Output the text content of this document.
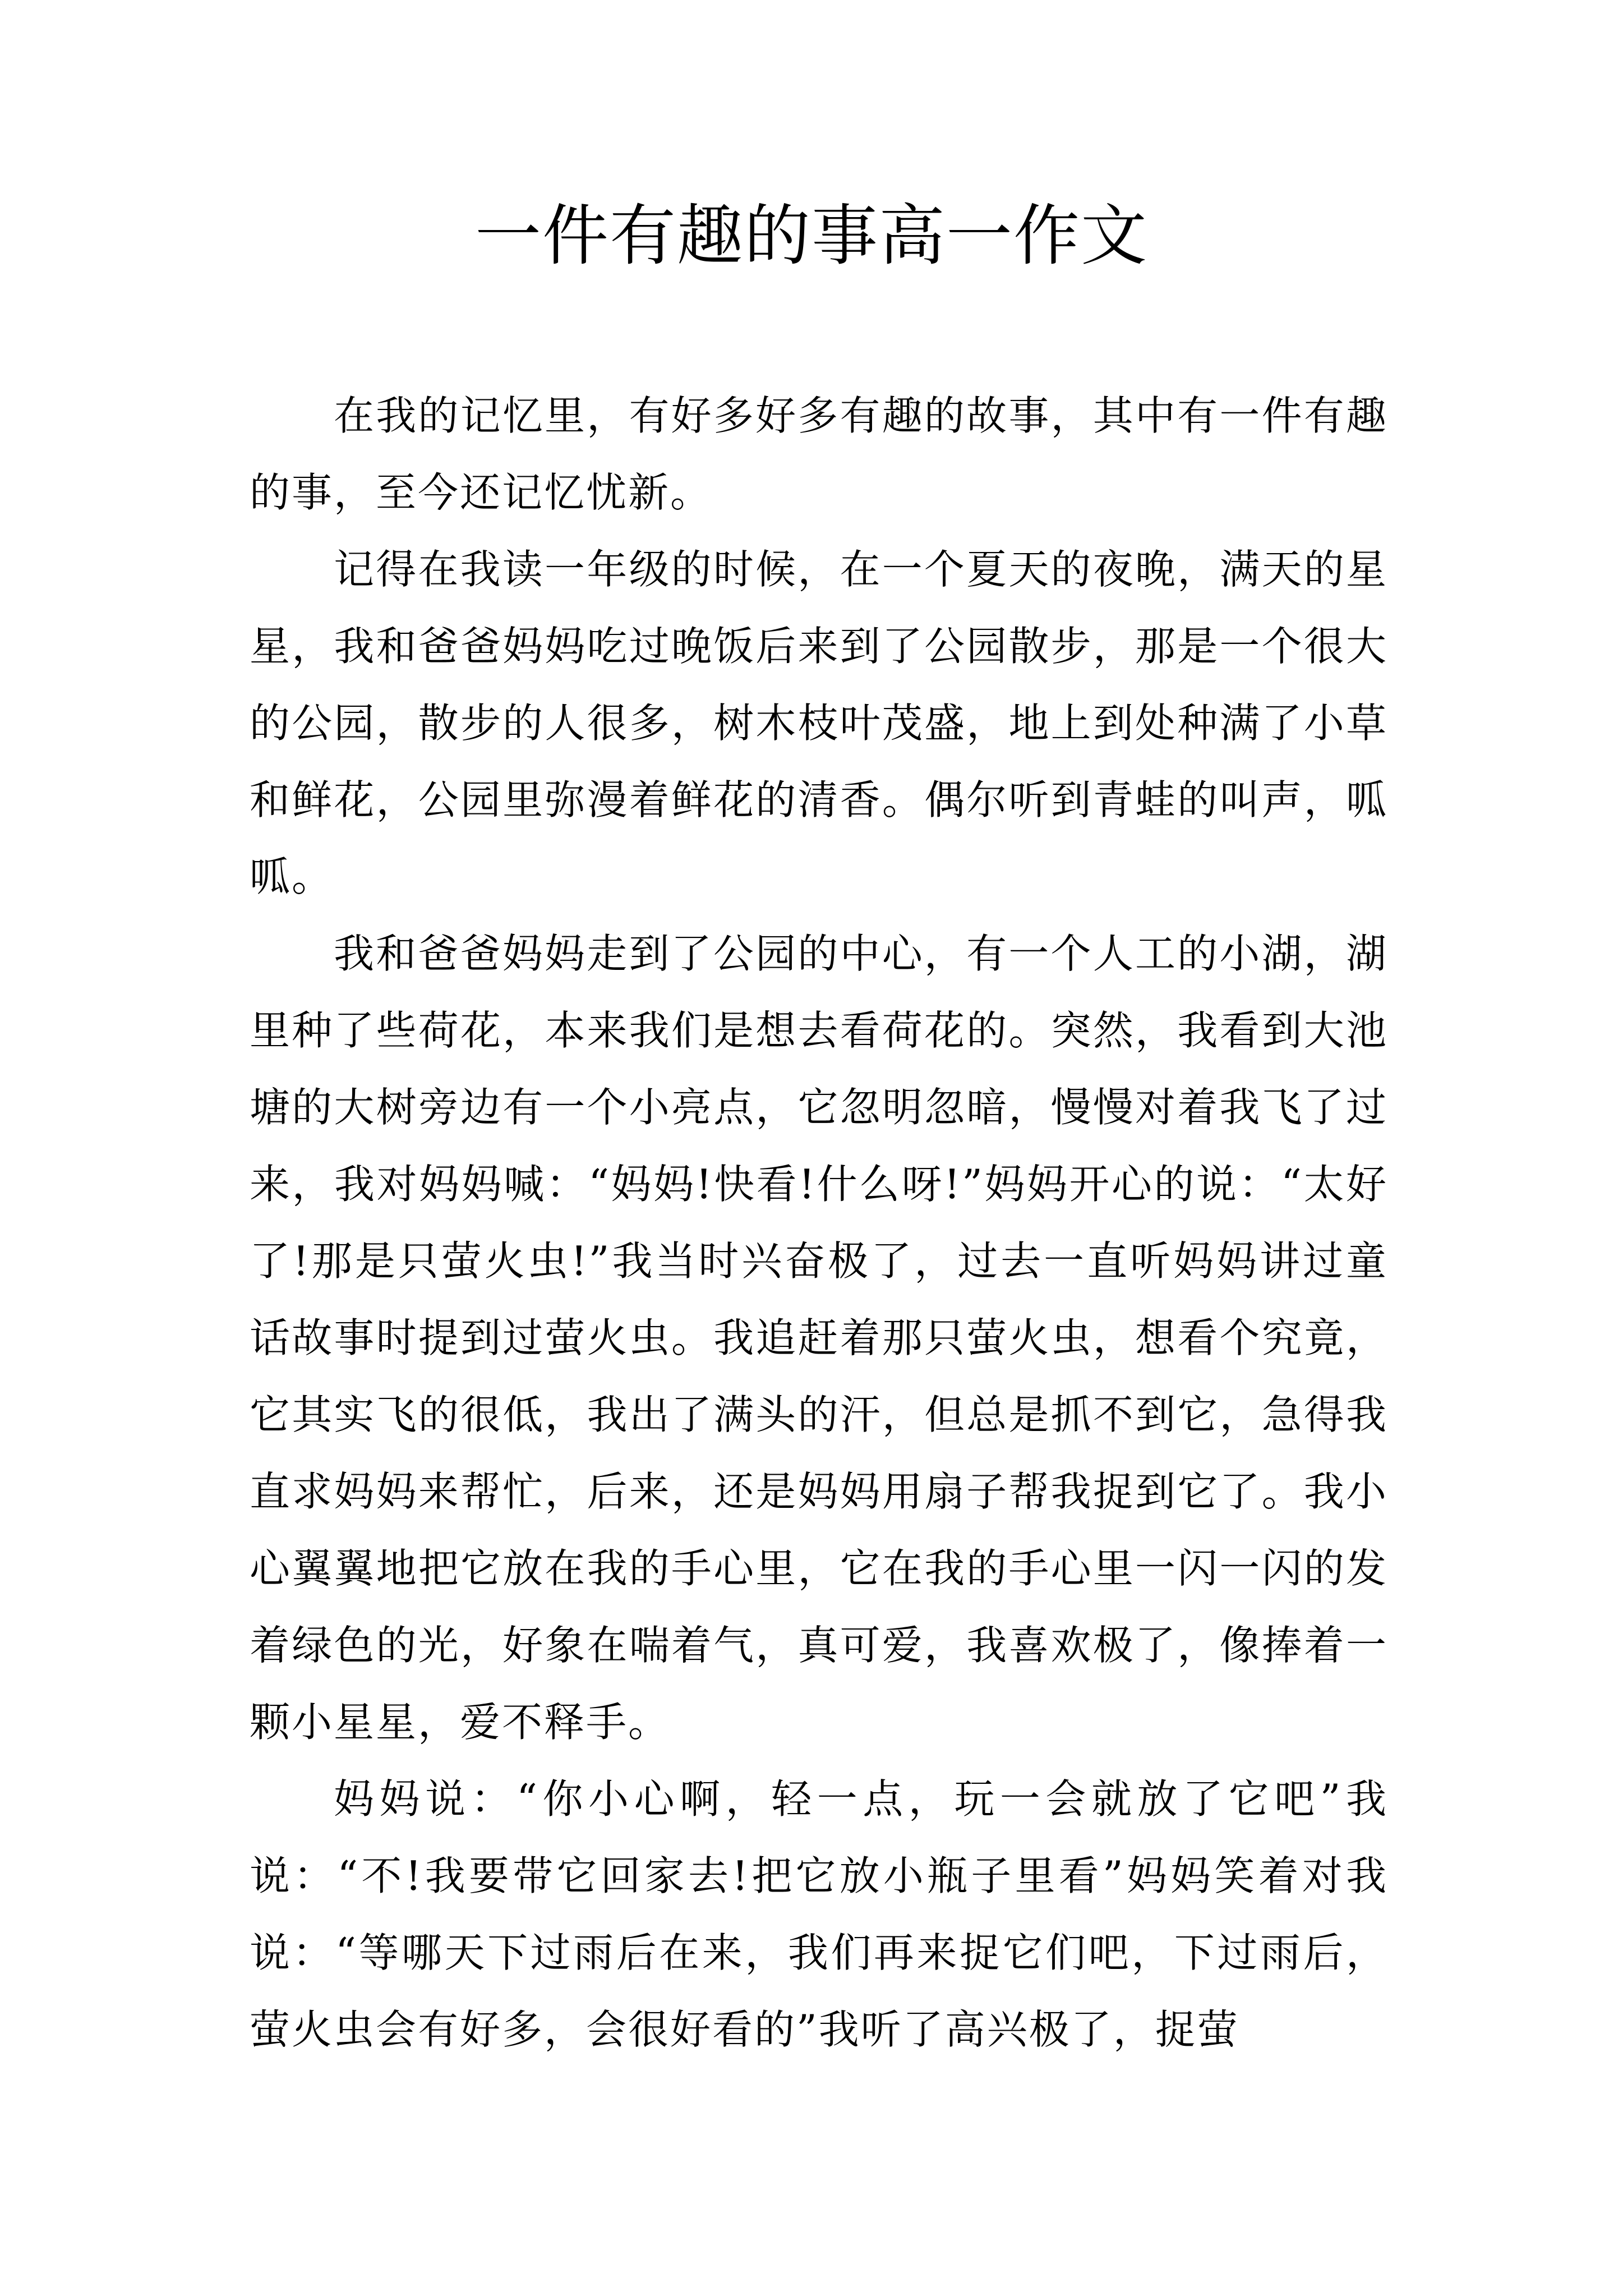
一件有趣的事高一作文

在我的记忆里，有好多好多有趣的故事，其中有一件有趣的事，至今还记忆忧新。

记得在我读一年级的时候，在一个夏天的夜晚，满天的星星，我和爸爸妈妈吃过晚饭后来到了公园散步，那是一个很大的公园，散步的人很多，树木枝叶茂盛，地上到处种满了小草和鲜花，公园里弥漫着鲜花的清香。偶尔听到青蛙的叫声，呱呱。

我和爸爸妈妈走到了公园的中心，有一个人工的小湖，湖里种了些荷花，本来我们是想去看荷花的。突然，我看到大池塘的大树旁边有一个小亮点，它忽明忽暗，慢慢对着我飞了过来，我对妈妈喊：“妈妈!快看!什么呀!”妈妈开心的说：“太好了!那是只萤火虫!”我当时兴奋极了，过去一直听妈妈讲过童话故事时提到过萤火虫。我追赶着那只萤火虫，想看个究竟，它其实飞的很低，我出了满头的汗，但总是抓不到它，急得我直求妈妈来帮忙，后来，还是妈妈用扇子帮我捉到它了。我小心翼翼地把它放在我的手心里，它在我的手心里一闪一闪的发着绿色的光，好象在喘着气，真可爱，我喜欢极了，像捧着一颗小星星，爱不释手。

妈妈说：“你小心啊，轻一点，玩一会就放了它吧”我说：“不!我要带它回家去!把它放小瓶子里看”妈妈笑着对我说：“等哪天下过雨后在来，我们再来捉它们吧，下过雨后，萤火虫会有好多，会很好看的”我听了高兴极了，捉萤
